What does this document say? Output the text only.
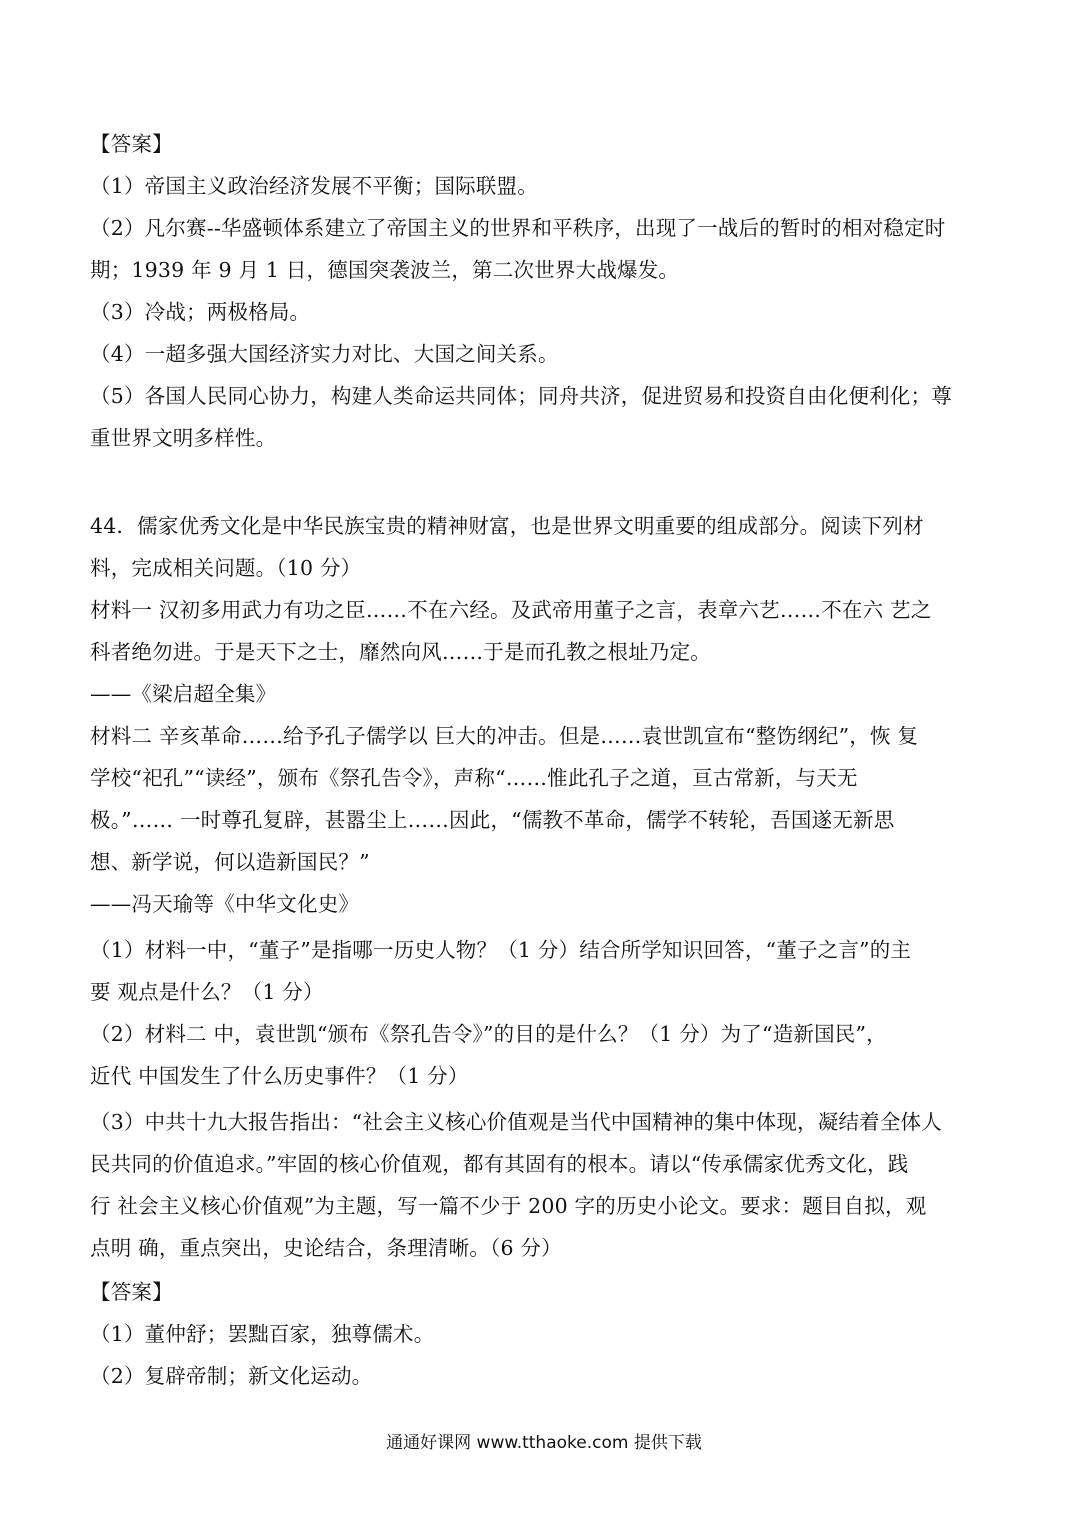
【答案】
（1）帝国主义政治经济发展不平衡；国际联盟。
（2）凡尔赛--华盛顿体系建立了帝国主义的世界和平秩序，出现了一战后的暂时的相对稳定时
期；1939 年 9 月 1 日，德国突袭波兰，第二次世界大战爆发。
（3）冷战；两极格局。
（4）一超多强大国经济实力对比、大国之间关系。
（5）各国人民同心协力，构建人类命运共同体；同舟共济，促进贸易和投资自由化便利化；尊
重世界文明多样性。
44．儒家优秀文化是中华民族宝贵的精神财富，也是世界文明重要的组成部分。阅读下列材
料，完成相关问题。（10 分）
材料一 汉初多用武力有功之臣……不在六经。及武帝用董子之言，表章六艺……不在六 艺之
科者绝勿进。于是天下之士，靡然向风……于是而孔教之根址乃定。
——《梁启超全集》
材料二 辛亥革命……给予孔子儒学以 巨大的冲击。但是……袁世凯宣布“整饬纲纪”，恢 复
学校“祀孔”“读经”，颁布《祭孔告令》，声称“……惟此孔子之道，亘古常新，与天无
极。”…… 一时尊孔复辟，甚嚣尘上……因此，“儒教不革命，儒学不转轮，吾国遂无新思
想、新学说，何以造新国民？”
——冯天瑜等《中华文化史》
（1）材料一中，“董子”是指哪一历史人物？（1 分）结合所学知识回答，“董子之言”的主
要 观点是什么？（1 分）
（2）材料二 中，袁世凯“颁布《祭孔告令》”的目的是什么？（1 分）为了“造新国民”，
近代 中国发生了什么历史事件？（1 分）
（3）中共十九大报告指出：“社会主义核心价值观是当代中国精神的集中体现，凝结着全体人
民共同的价值追求。”牢固的核心价值观，都有其固有的根本。请以“传承儒家优秀文化，践
行 社会主义核心价值观”为主题，写一篇不少于 200 字的历史小论文。要求：题目自拟，观
点明 确，重点突出，史论结合，条理清晰。（6 分）
【答案】
（1）董仲舒；罢黜百家，独尊儒术。
（2）复辟帝制；新文化运动。
通通好课网 www.tthaoke.com 提供下载
